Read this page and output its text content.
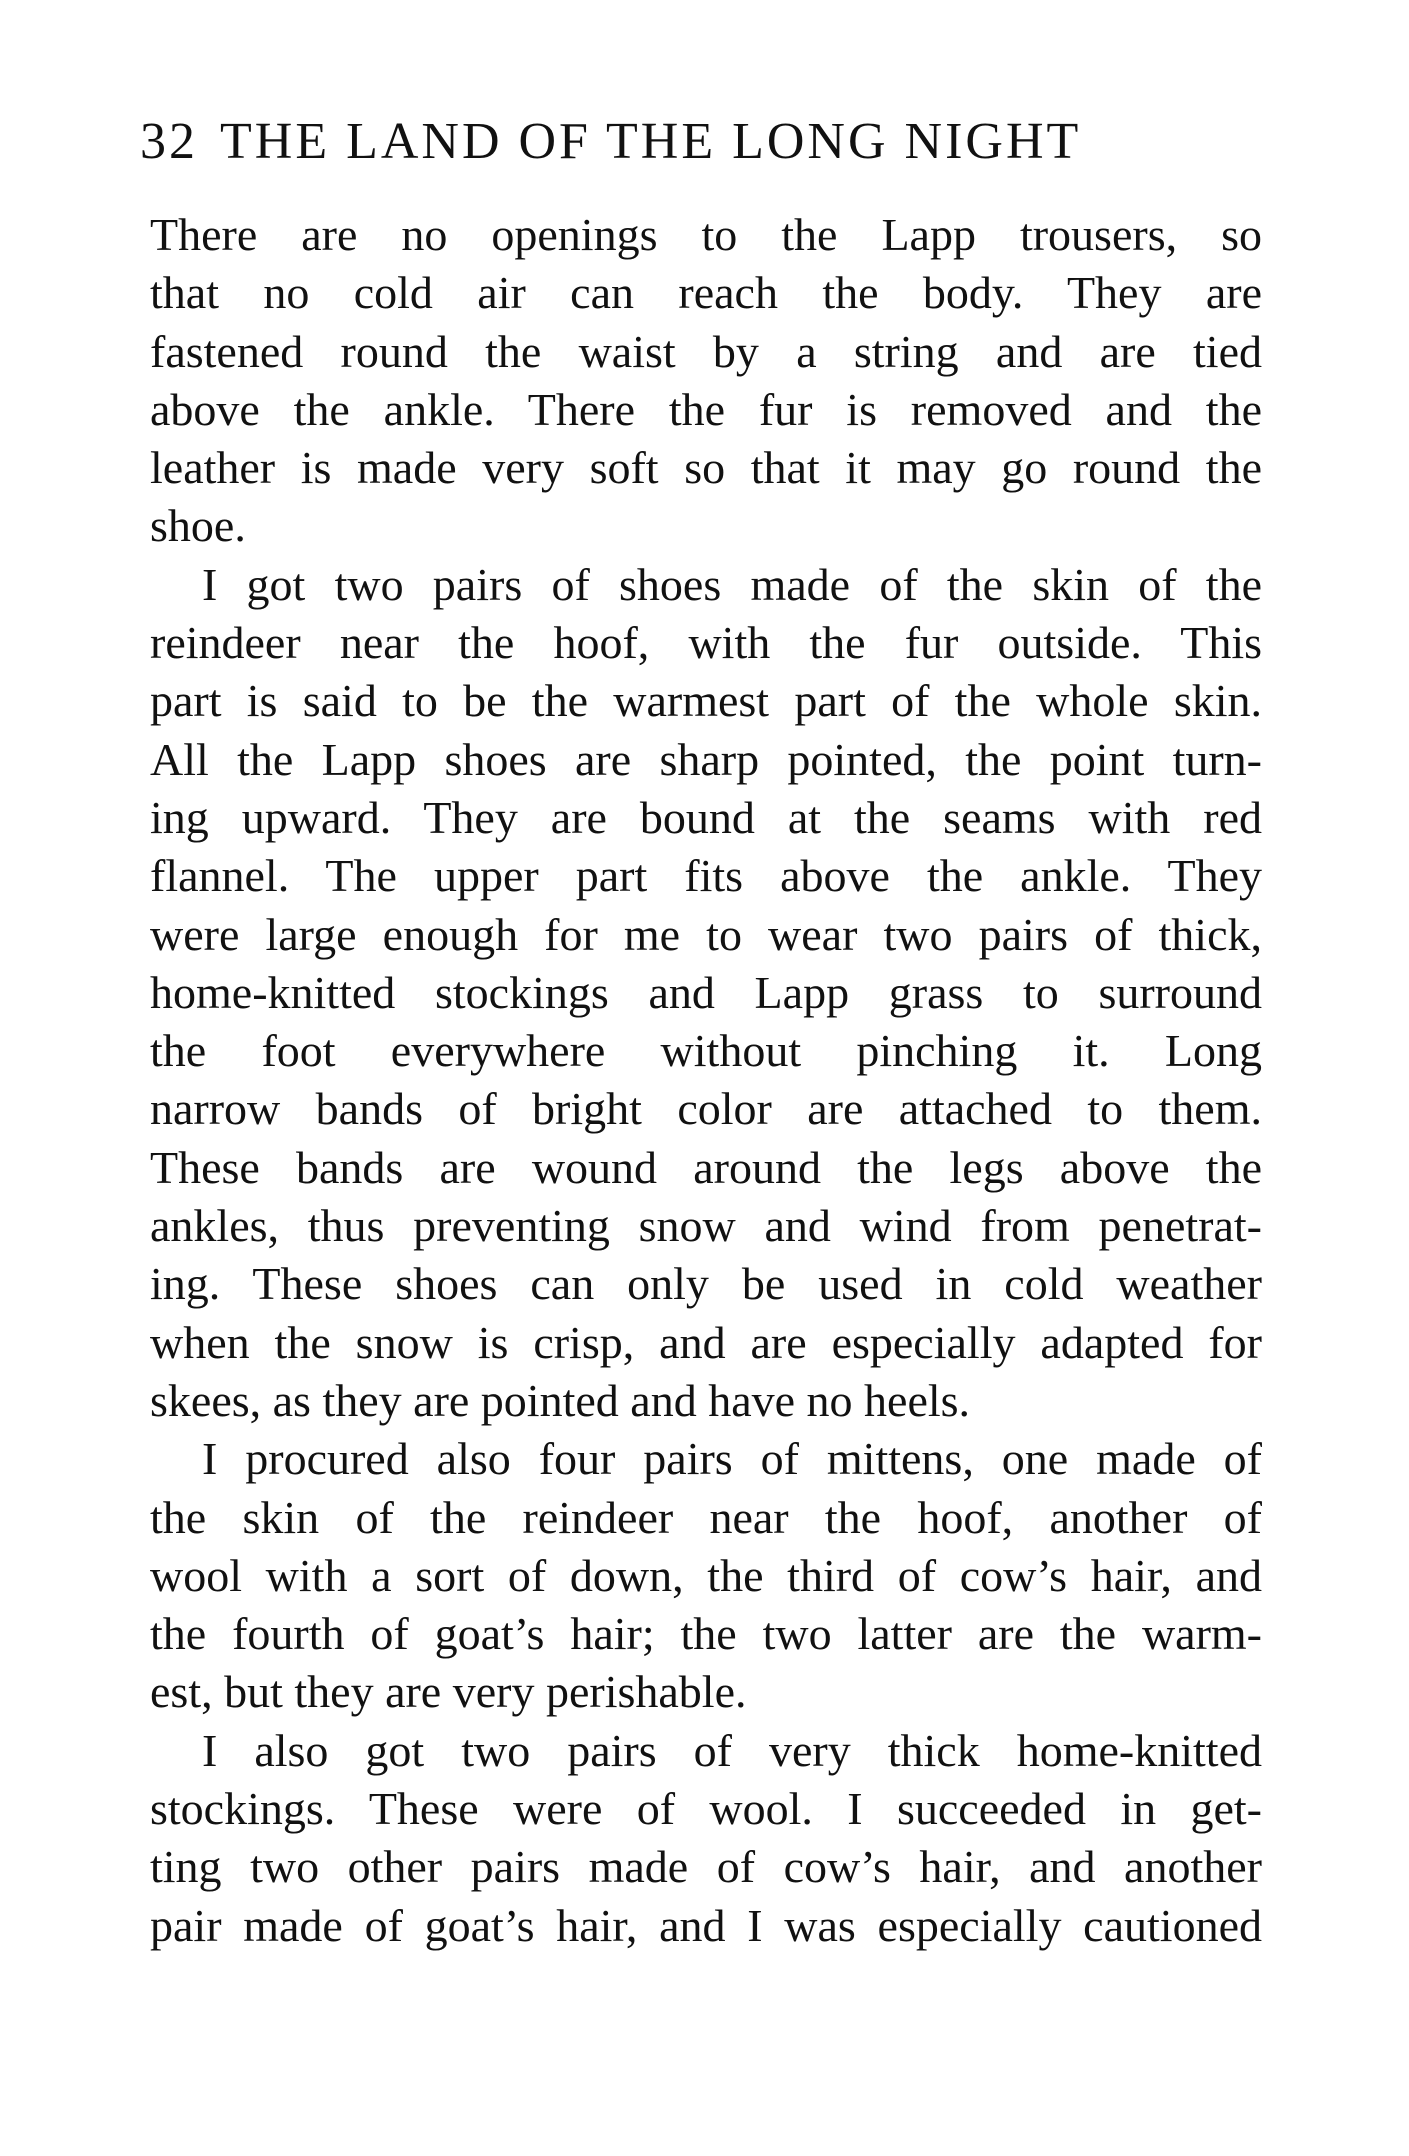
32 THE LAND OF THE LONG NIGHT
There are no openings to the Lapp trousers, so
that no cold air can reach the body. They are
fastened round the waist by a string and are tied
above the ankle. There the fur is removed and the
leather is made very soft so that it may go round the
shoe.
I got two pairs of shoes made of the skin of the
reindeer near the hoof, with the fur outside. This
part is said to be the warmest part of the whole skin.
All the Lapp shoes are sharp pointed, the point turn-
ing upward. They are bound at the seams with red
flannel. The upper part fits above the ankle. They
were large enough for me to wear two pairs of thick,
home-knitted stockings and Lapp grass to surround
the foot everywhere without pinching it. Long
narrow bands of bright color are attached to them.
These bands are wound around the legs above the
ankles, thus preventing snow and wind from penetrat-
ing. These shoes can only be used in cold weather
when the snow is crisp, and are especially adapted for
skees, as they are pointed and have no heels.
I procured also four pairs of mittens, one made of
the skin of the reindeer near the hoof, another of
wool with a sort of down, the third of cow’s hair, and
the fourth of goat’s hair; the two latter are the warm-
est, but they are very perishable.
I also got two pairs of very thick home-knitted
stockings. These were of wool. I succeeded in get-
ting two other pairs made of cow’s hair, and another
pair made of goat’s hair, and I was especially cautioned
